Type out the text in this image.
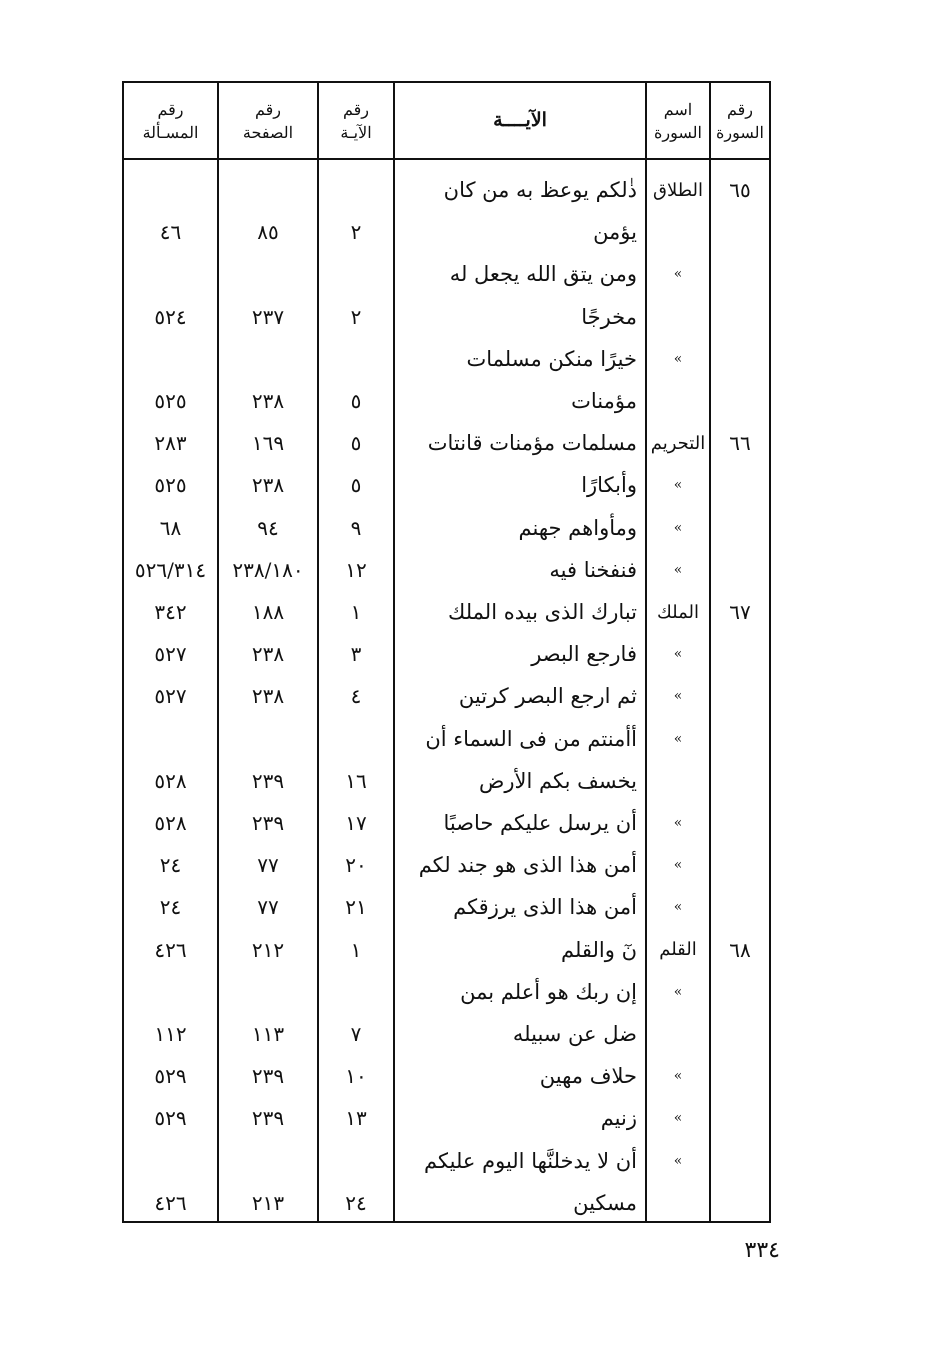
رقم
السورة
اسم
السورة
الآيــــة
رقم
الآيـة
رقم
الصفحة
رقم
المسـألة
٦٥
الطلاق
ذٰلكم يوعظ به من كان
يؤمن
٢
٨٥
٤٦
»
ومن يتق الله يجعل له
مخرجًا
٢
٢٣٧
٥٢٤
»
خيرًا منكن مسلمات
مؤمنات
٥
٢٣٨
٥٢٥
٦٦
التحريم
مسلمات مؤمنات قانتات
٥
١٦٩
٢٨٣
»
وأبكارًا
٥
٢٣٨
٥٢٥
»
ومأواهم جهنم
٩
٩٤
٦٨
»
فنفخنا فيه
١٢
٢٣٨/١٨٠
٥٢٦/٣١٤
٦٧
الملك
تبارك الذى بيده الملك
١
١٨٨
٣٤٢
»
فارجع البصر
٣
٢٣٨
٥٢٧
»
ثم ارجع البصر كرتين
٤
٢٣٨
٥٢٧
»
أأمنتم من فى السماء أن
يخسف بكم الأرض
١٦
٢٣٩
٥٢٨
»
أن يرسل عليكم حاصبًا
١٧
٢٣٩
٥٢٨
»
أمن هذا الذى هو جند لكم
٢٠
٧٧
٢٤
»
أمن هذا الذى يرزقكم
٢١
٧٧
٢٤
٦٨
القلم
نٓ والقلم
١
٢١٢
٤٢٦
»
إن ربك هو أعلم بمن
ضل عن سبيله
٧
١١٣
١١٢
»
حلاف مهين
١٠
٢٣٩
٥٢٩
»
زنيم
١٣
٢٣٩
٥٢٩
»
أن لا يدخلنَّها اليوم عليكم
مسكين
٢٤
٢١٣
٤٢٦
٣٣٤
